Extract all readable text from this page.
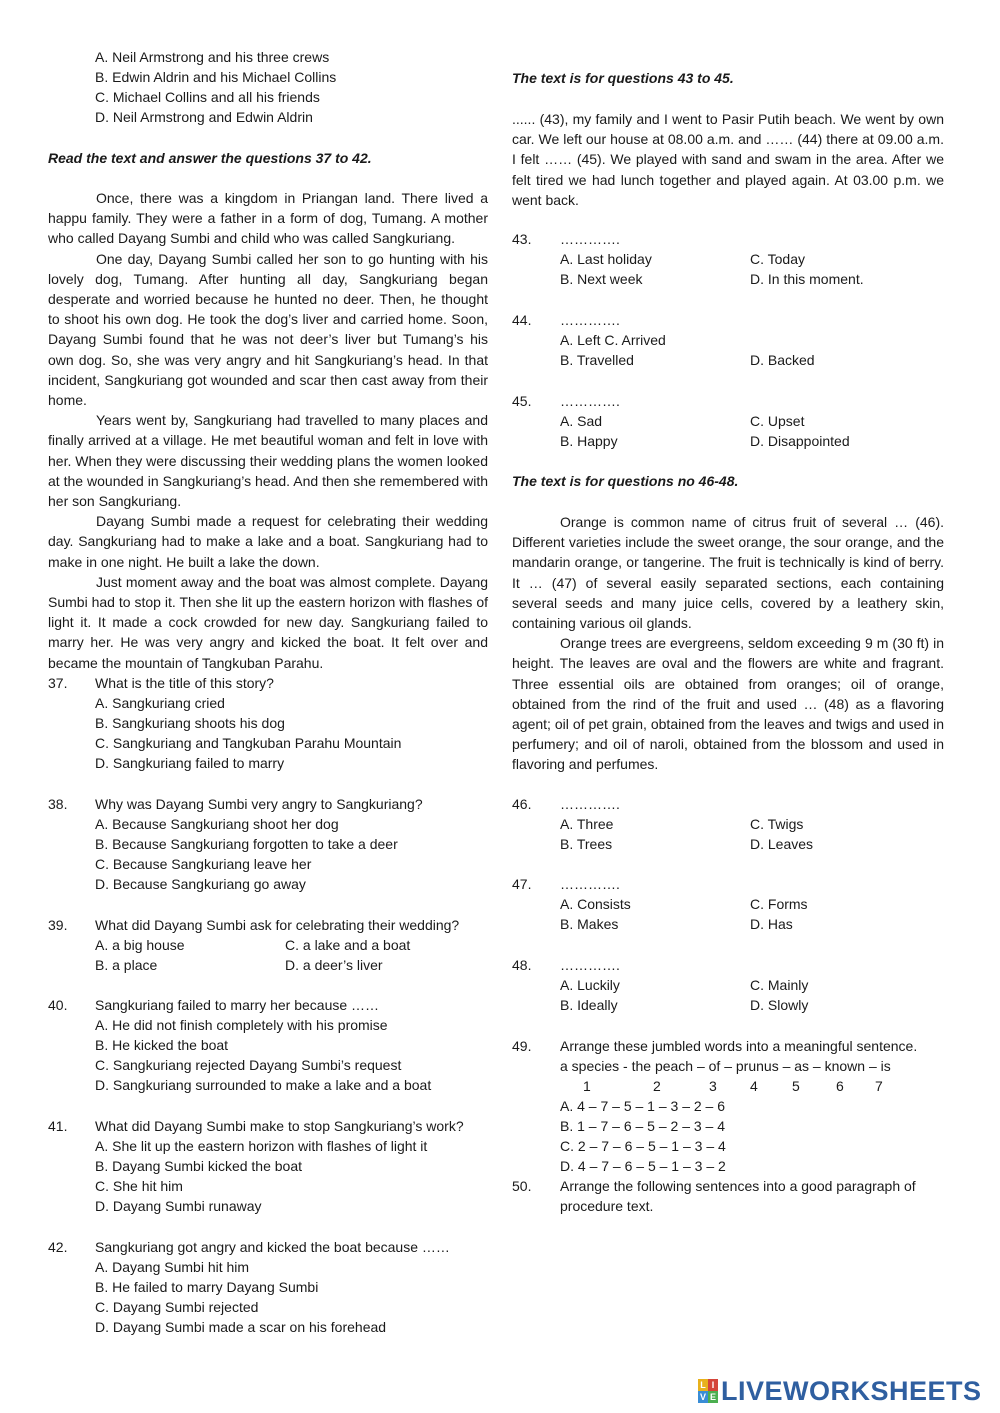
A. Neil Armstrong and his three crews
B. Edwin Aldrin and his Michael Collins
C. Michael Collins and all his friends
D. Neil Armstrong and Edwin Aldrin
Read the text and answer the questions 37 to 42.
Once, there was a kingdom in Priangan land. There lived a happu family. They were a father in a form of dog, Tumang. A mother who called Dayang Sumbi and child who was called Sangkuriang.
One day, Dayang Sumbi called her son to go hunting with his lovely dog, Tumang. After hunting all day, Sangkuriang began desperate and worried because he hunted no deer. Then, he thought to shoot his own dog. He took the dog’s liver and carried home. Soon, Dayang Sumbi found that he was not deer’s liver but Tumang’s his own dog. So, she was very angry and hit Sangkuriang’s head. In that incident, Sangkuriang got wounded and scar then cast away from their home.
Years went by, Sangkuriang had travelled to many places and finally arrived at a village. He met beautiful woman and felt in love with her. When they were discussing their wedding plans the women looked at the wounded in Sangkuriang’s head. And then she remembered with her son Sangkuriang.
Dayang Sumbi made a request for celebrating their wedding day. Sangkuriang had to make a lake and a boat. Sangkuriang had to make in one night. He built a lake the down.
Just moment away and the boat was almost complete. Dayang Sumbi had to stop it. Then she lit up the eastern horizon with flashes of light it. It made a cock crowded for new day. Sangkuriang failed to marry her. He was very angry and kicked the boat. It felt over and became the mountain of Tangkuban Parahu.
37. What is the title of this story?
A. Sangkuriang cried
B. Sangkuriang shoots his dog
C. Sangkuriang and Tangkuban Parahu Mountain
D. Sangkuriang failed to marry
38. Why was Dayang Sumbi very angry to Sangkuriang?
A. Because Sangkuriang shoot her dog
B. Because Sangkuriang forgotten to take a deer
C. Because Sangkuriang leave her
D. Because Sangkuriang go away
39. What did Dayang Sumbi ask for celebrating their wedding?
A. a big house	C. a lake and a boat
B. a place	D. a deer’s liver
40. Sangkuriang failed to marry her because ……
A. He did not finish completely with his promise
B. He kicked the boat
C. Sangkuriang rejected Dayang Sumbi’s request
D. Sangkuriang surrounded to make a lake and a boat
41. What did Dayang Sumbi make to stop Sangkuriang’s work?
A. She lit up the eastern horizon with flashes of light it
B. Dayang Sumbi kicked the boat
C. She hit him
D. Dayang Sumbi runaway
42. Sangkuriang got angry and kicked the boat because ……
A. Dayang Sumbi hit him
B. He failed to marry Dayang Sumbi
C. Dayang Sumbi rejected
D. Dayang Sumbi made a scar on his forehead
The text is for questions 43 to 45.
...... (43), my family and I went to Pasir Putih beach. We went by own car. We left our house at 08.00 a.m. and …… (44) there at 09.00 a.m. I felt …… (45). We played with sand and swam in the area. After we felt tired we had lunch together and played again. At 03.00 p.m. we went back.
43. ………….
A. Last holiday	C. Today
B. Next week	D. In this moment.
44. ………….
A. Left C. Arrived
B. Travelled	D. Backed
45. ………….
A. Sad	C. Upset
B. Happy	D. Disappointed
The text is for questions no 46-48.
Orange is common name of citrus fruit of several … (46). Different varieties include the sweet orange, the sour orange, and the mandarin orange, or tangerine. The fruit is technically is kind of berry. It … (47) of several easily separated sections, each containing several seeds and many juice cells, covered by a leathery skin, containing various oil glands.
Orange trees are evergreens, seldom exceeding 9 m (30 ft) in height. The leaves are oval and the flowers are white and fragrant. Three essential oils are obtained from oranges; oil of orange, obtained from the rind of the fruit and used … (48) as a flavoring agent; oil of pet grain, obtained from the leaves and twigs and used in perfumery; and oil of naroli, obtained from the blossom and used in flavoring and perfumes.
46. ………….
A. Three	C. Twigs
B. Trees	D. Leaves
47. ………….
A. Consists	C. Forms
B. Makes	D. Has
48. ………….
A. Luckily	C. Mainly
B. Ideally	D. Slowly
49. Arrange these jumbled words into a meaningful sentence.
a species - the peach – of – prunus – as – known – is
1	2	3 4 5	6 7
A. 4 – 7 – 5 – 1 – 3 – 2 – 6
B. 1 – 7 – 6 – 5 – 2 – 3 – 4
C. 2 – 7 – 6 – 5 – 1 – 3 – 4
D. 4 – 7 – 6 – 5 – 1 – 3 – 2
50. Arrange the following sentences into a good paragraph of
procedure text.
L I
V E LIVEWORKSHEETS
